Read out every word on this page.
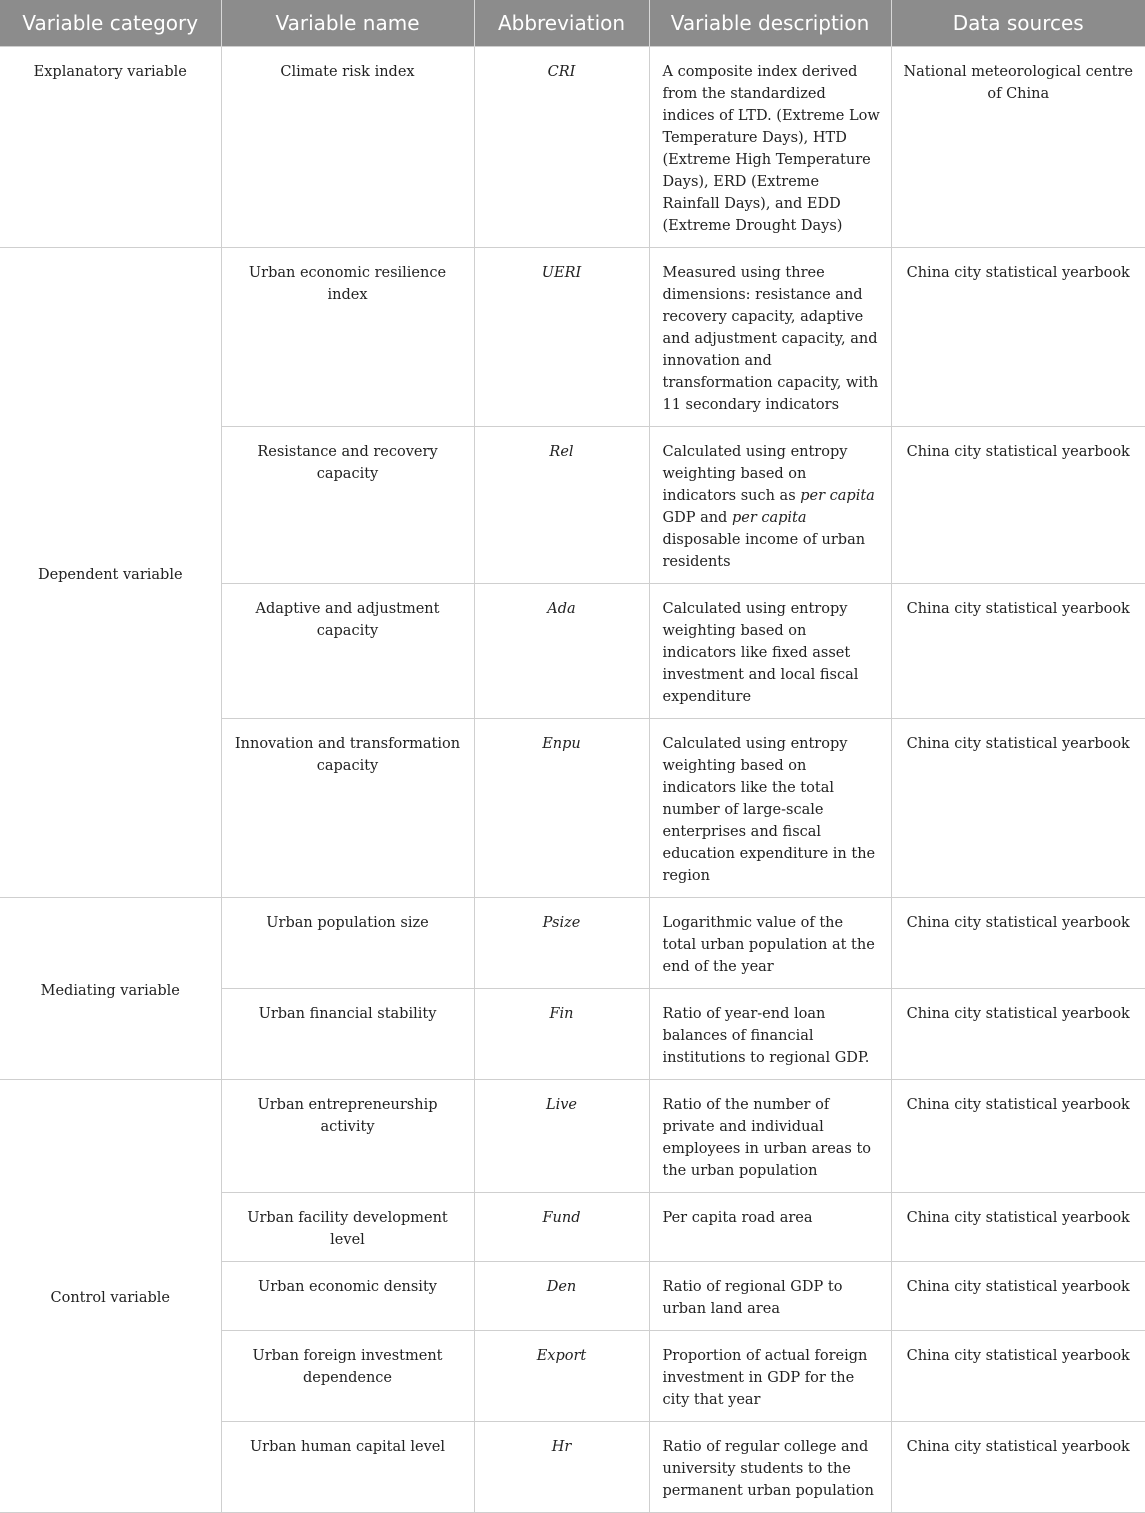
Variable category	Variable name	Abbreviation	Variable description	Data sources
Explanatory variable	Climate risk index	CRI	A composite index derived from the standardized indices of LTD. (Extreme Low Temperature Days), HTD (Extreme High Temperature Days), ERD (Extreme Rainfall Days), and EDD (Extreme Drought Days)	National meteorological centre of China
Dependent variable	Urban economic resilience index	UERI	Measured using three dimensions: resistance and recovery capacity, adaptive and adjustment capacity, and innovation and transformation capacity, with 11 secondary indicators	China city statistical yearbook
	Resistance and recovery capacity	Rel	Calculated using entropy weighting based on indicators such as per capita GDP and per capita disposable income of urban residents	China city statistical yearbook
	Adaptive and adjustment capacity	Ada	Calculated using entropy weighting based on indicators like fixed asset investment and local fiscal expenditure	China city statistical yearbook
	Innovation and transformation capacity	Enpu	Calculated using entropy weighting based on indicators like the total number of large-scale enterprises and fiscal education expenditure in the region	China city statistical yearbook
Mediating variable	Urban population size	Psize	Logarithmic value of the total urban population at the end of the year	China city statistical yearbook
	Urban financial stability	Fin	Ratio of year-end loan balances of financial institutions to regional GDP.	China city statistical yearbook
Control variable	Urban entrepreneurship activity	Live	Ratio of the number of private and individual employees in urban areas to the urban population	China city statistical yearbook
	Urban facility development level	Fund	Per capita road area	China city statistical yearbook
	Urban economic density	Den	Ratio of regional GDP to urban land area	China city statistical yearbook
	Urban foreign investment dependence	Export	Proportion of actual foreign investment in GDP for the city that year	China city statistical yearbook
	Urban human capital level	Hr	Ratio of regular college and university students to the permanent urban population	China city statistical yearbook
